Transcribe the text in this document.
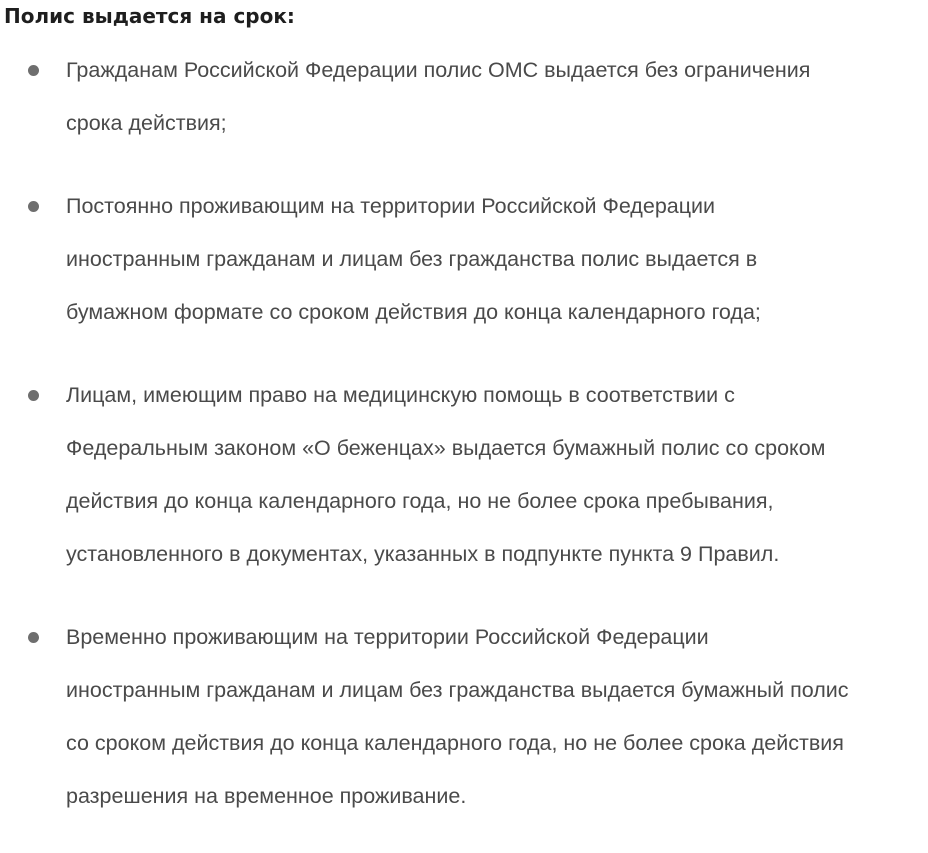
Полис выдается на срок:
Гражданам Российской Федерации полис ОМС выдается без ограничения
срока действия;
Постоянно проживающим на территории Российской Федерации
иностранным гражданам и лицам без гражданства полис выдается в
бумажном формате со сроком действия до конца календарного года;
Лицам, имеющим право на медицинскую помощь в соответствии с
Федеральным законом «О беженцах» выдается бумажный полис со сроком
действия до конца календарного года, но не более срока пребывания,
установленного в документах, указанных в подпункте пункта 9 Правил.
Временно проживающим на территории Российской Федерации
иностранным гражданам и лицам без гражданства выдается бумажный полис
со сроком действия до конца календарного года, но не более срока действия
разрешения на временное проживание.
